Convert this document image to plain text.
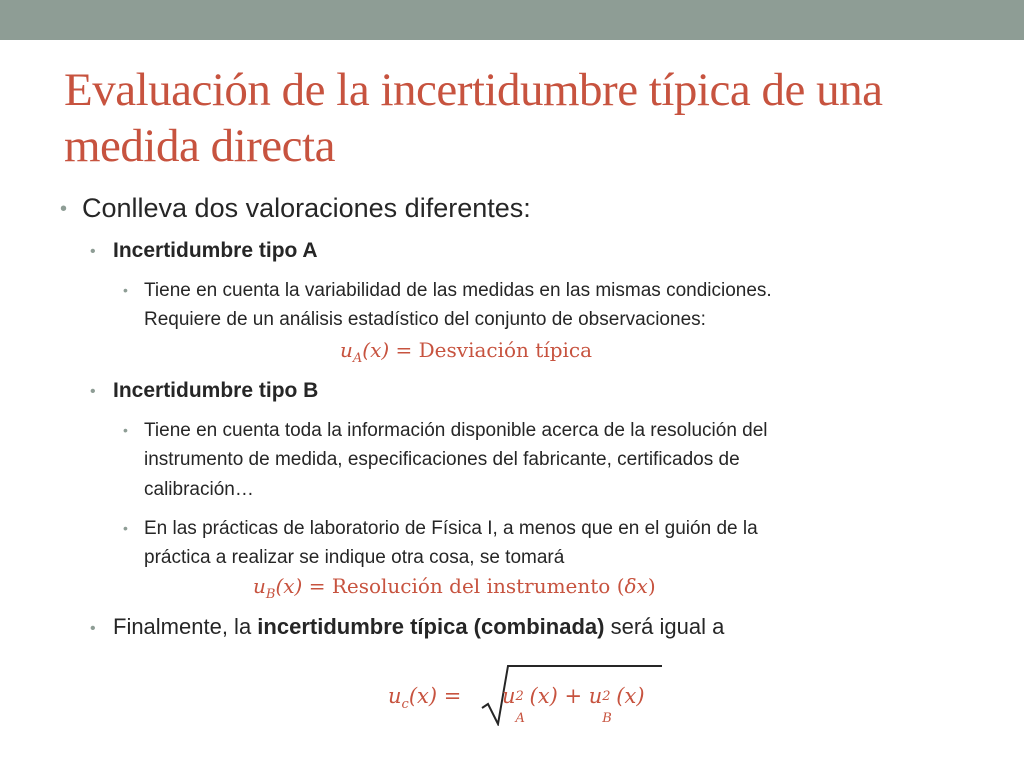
Evaluación de la incertidumbre típica de una medida directa
• Conlleva dos valoraciones diferentes:
• Incertidumbre tipo A
• Tiene en cuenta la variabilidad de las medidas en las mismas condiciones.
Requiere de un análisis estadístico del conjunto de observaciones:
$u_A(x)$ = Desviación típica
• Incertidumbre tipo B
• Tiene en cuenta toda la información disponible acerca de la resolución del
instrumento de medida, especificaciones del fabricante, certificados de
calibración…
• En las prácticas de laboratorio de Física I, a menos que en el guión de la
práctica a realizar se indique otra cosa, se tomará
$u_B(x)$ = Resolución del instrumento (δx)
• Finalmente, la incertidumbre típica (combinada) será igual a
$u_c(x) = u$ 2
A
(x) + u 2
B
(x)
